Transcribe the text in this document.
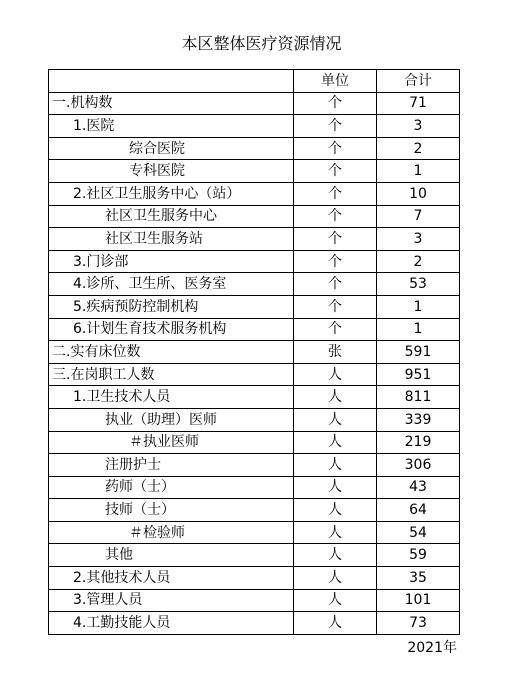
本区整体医疗资源情况
	单位	合计
一.机构数	个	71
1.医院	个	3
综合医院	个	2
专科医院	个	1
2.社区卫生服务中心（站）	个	10
社区卫生服务中心	个	7
社区卫生服务站	个	3
3.门诊部	个	2
4.诊所、卫生所、医务室	个	53
5.疾病预防控制机构	个	1
6.计划生育技术服务机构	个	1
二.实有床位数	张	591
三.在岗职工人数	人	951
1.卫生技术人员	人	811
执业（助理）医师	人	339
＃执业医师	人	219
注册护士	人	306
药师（士）	人	43
技师（士）	人	64
＃检验师	人	54
其他	人	59
2.其他技术人员	人	35
3.管理人员	人	101
4.工勤技能人员	人	73
2021年
